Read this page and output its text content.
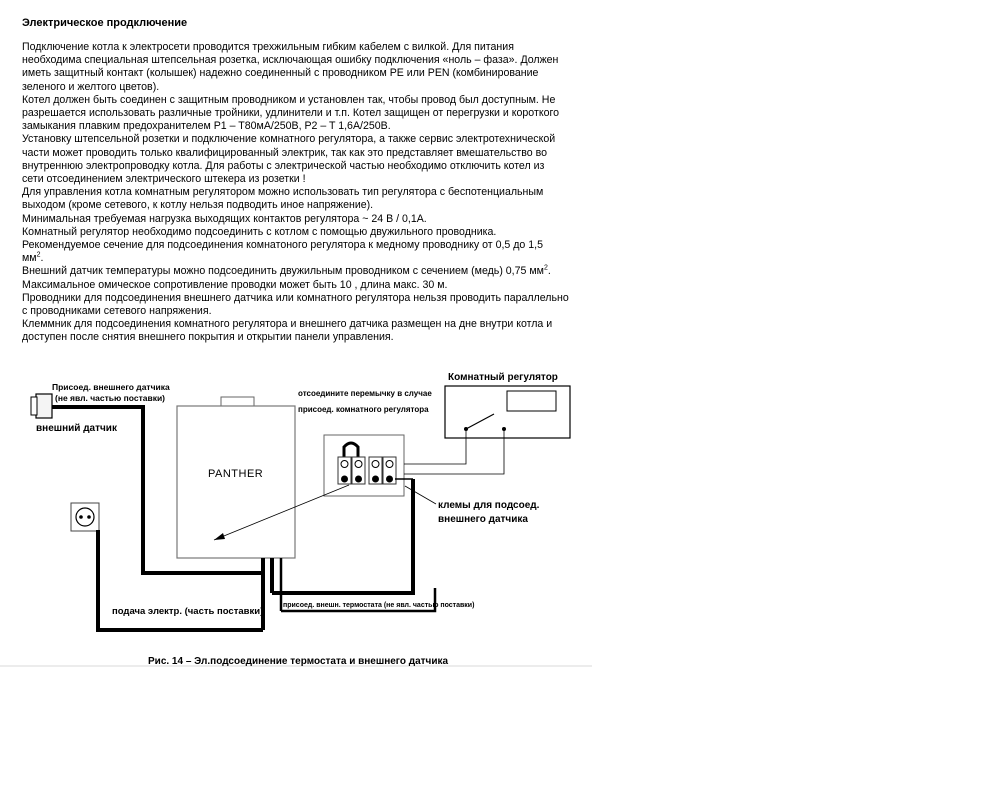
Электрическое продключение

Подключение котла к электросети проводится трехжильным гибким кабелем с вилкой. Для питания
необходима специальная штепсельная розетка, исключающая ошибку подключения «ноль – фаза». Должен
иметь защитный контакт (колышек) надежно соединенный с проводником PE или PEN (комбинирование
зеленого и желтого цветов).

Котел должен быть соединен с защитным проводником и установлен так, чтобы провод был доступным. Не
разрешается использовать различные тройники, удлинители и т.п. Котел защищен от перегрузки и короткого
замыкания плавким предохранителем P1 – T80мА/250В, P2 – T 1,6A/250В.

Установку штепсельной розетки и подключение комнатного регулятора, а также сервис электротехнической
части может проводить только квалифицированный электрик, так как это представляет вмешательство во
внутреннюю электропроводку котла. Для работы с электрической частью необходимо отключить котел из
сети отсоединением электрического штекера из розетки !

Для управления котла комнатным регулятором можно использовать тип регулятора с беспотенциальным
выходом (кроме сетевого, к котлу нельзя подводить иное напряжение).

Минимальная требуемая нагрузка выходящих контактов регулятора ~ 24 В / 0,1А.

Комнатный регулятор необходимо подсоединить с котлом с помощью двужильного проводника.
Рекомендуемое сечение для подсоединения комнатоного регулятора к медному проводнику от 0,5 до 1,5
$мм^2$.

Внешний датчик температуры можно подсоединить двужильным проводником с сечением (медь) 0,75 $мм^2$.
Максимальное омическое сопротивление проводки может быть 10 , длина макс. 30 м.

Проводники для подсоединения внешнего датчика или комнатного регулятора нельзя проводить параллельно
с проводниками сетевого напряжения.

Клеммник для подсоединения комнатного регулятора и внешнего датчика размещен на дне внутри котла и
доступен после снятия внешнего покрытия и открытии панели управления.

Присоед. внешнего датчика
(не явл. частью поставки)
внешний датчик
PANTHER
подача электр. (часть поставки)
присоед. внешн. термостата (не явл. частью поставки)
отсоедините перемычку в случае
присоед. комнатного регулятора
Комнатный регулятор
клемы для подсоед.
внешнего датчика
Рис. 14 – Эл.подсоединение термостата и внешнего датчика
